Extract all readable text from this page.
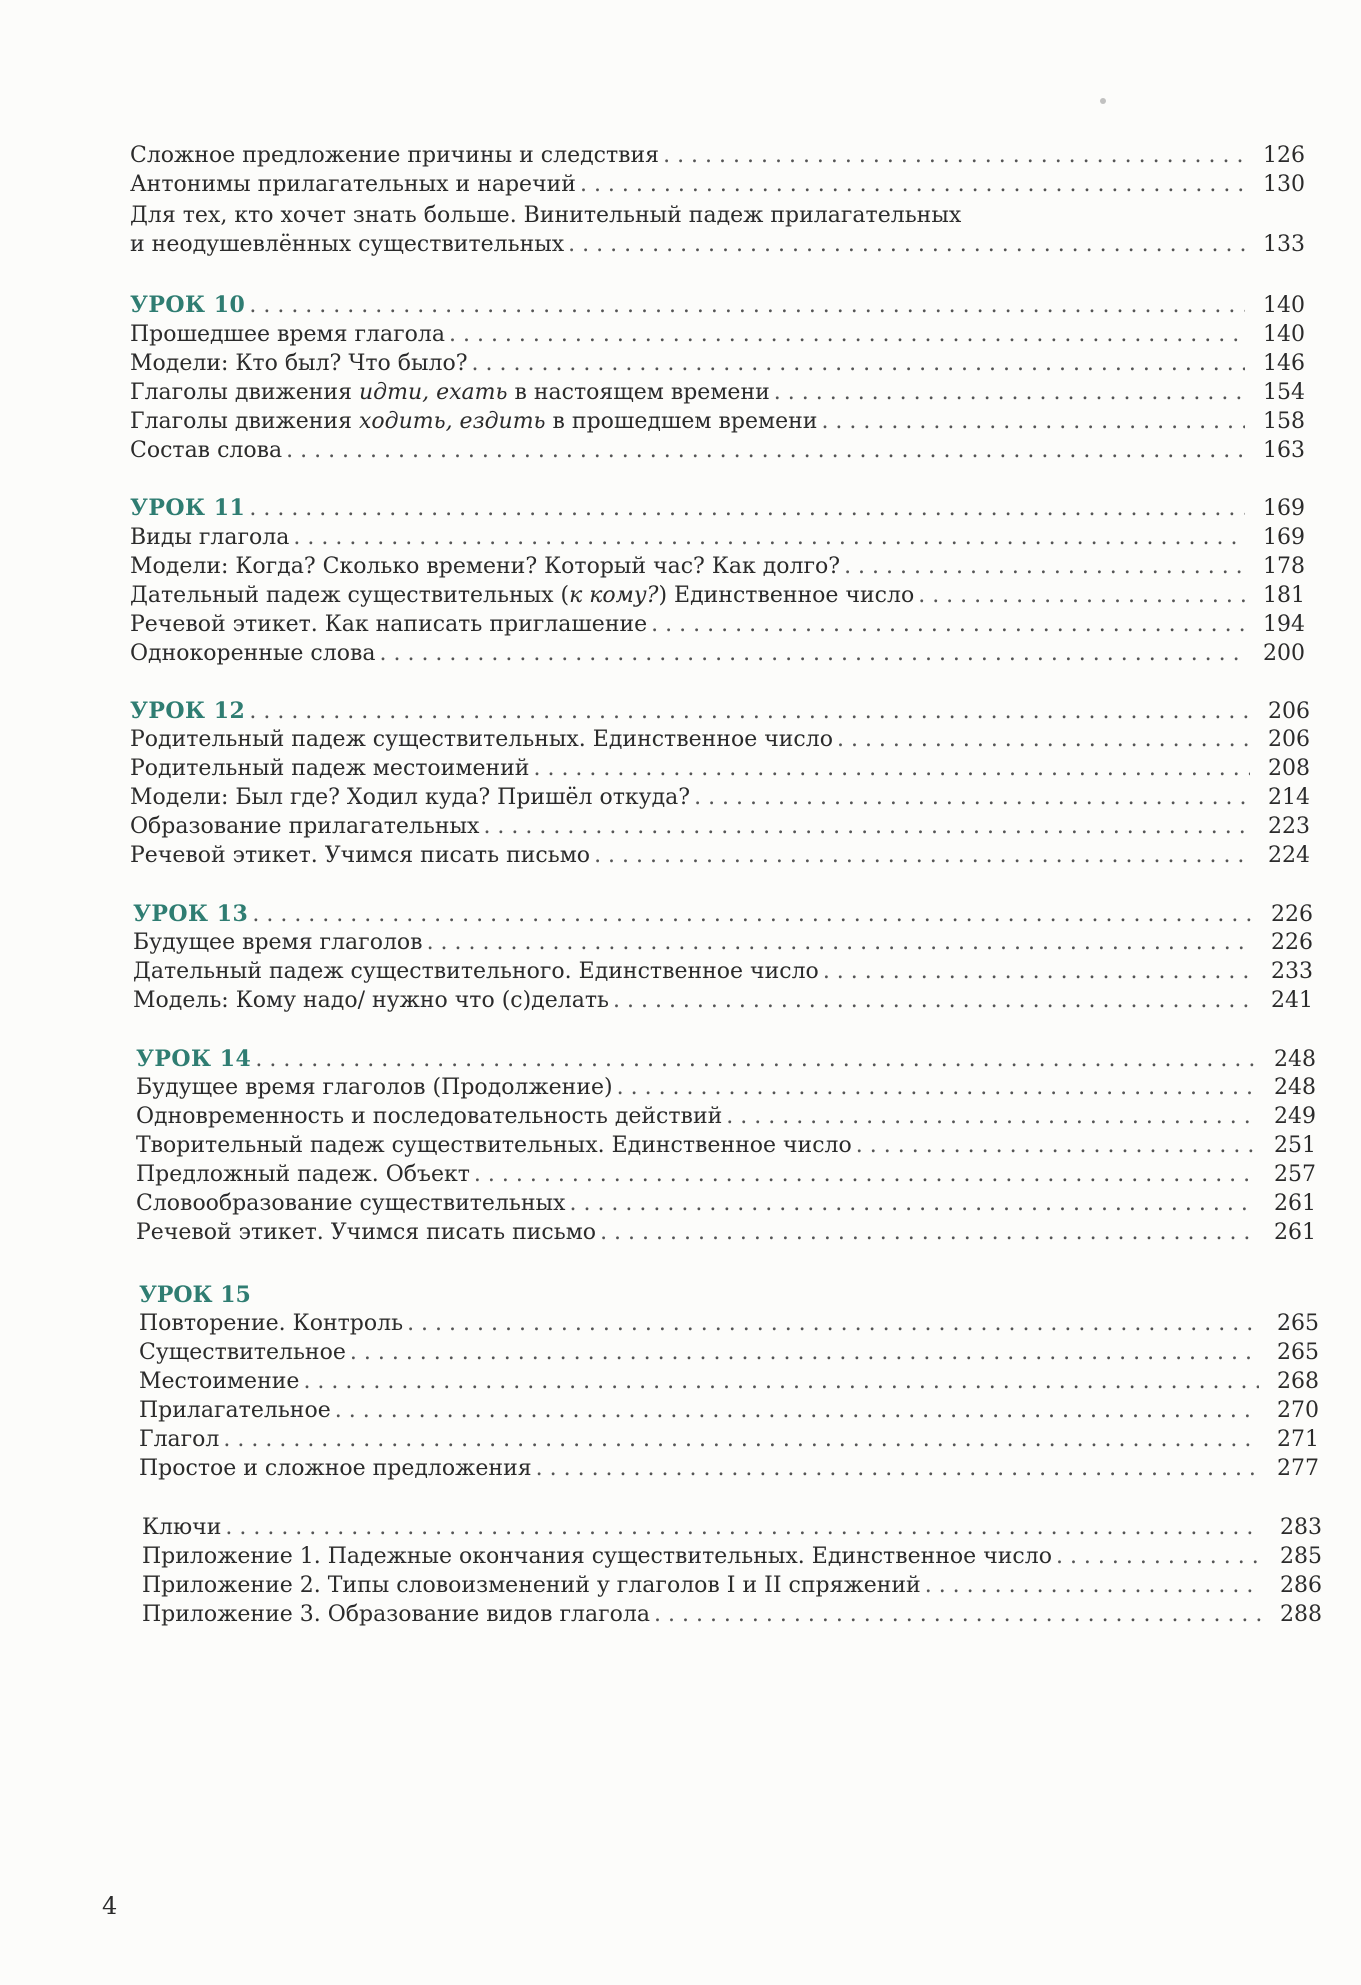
Сложное предложение причины и следствия . . .	126
Антонимы прилагательных и наречий . . .	130
Для тех, кто хочет знать больше. Винительный падеж прилагательных
и неодушевлённых существительных . . .	133
УРОК 10 . . .	140
Прошедшее время глагола . . .	140
Модели: Кто был? Что было? . . .	146
Глаголы движения идти, ехать в настоящем времени . . .	154
Глаголы движения ходить, ездить в прошедшем времени . . .	158
Состав слова . . .	163
УРОК 11 . . .	169
Виды глагола . . .	169
Модели: Когда? Сколько времени? Который час? Как долго? . . .	178
Дательный падеж существительных (к кому?) Единственное число . . .	181
Речевой этикет. Как написать приглашение . . .	194
Однокоренные слова . . .	200
УРОК 12 . . .	206
Родительный падеж существительных. Единственное число . . .	206
Родительный падеж местоимений . . .	208
Модели: Был где? Ходил куда? Пришёл откуда? . . .	214
Образование прилагательных . . .	223
Речевой этикет. Учимся писать письмо . . .	224
УРОК 13 . . .	226
Будущее время глаголов . . .	226
Дательный падеж существительного. Единственное число . . .	233
Модель: Кому надо/ нужно что (с)делать . . .	241
УРОК 14 . . .	248
Будущее время глаголов (Продолжение) . . .	248
Одновременность и последовательность действий . . .	249
Творительный падеж существительных. Единственное число . . .	251
Предложный падеж. Объект . . .	257
Словообразование существительных . . .	261
Речевой этикет. Учимся писать письмо . . .	261
УРОК 15
Повторение. Контроль . . .	265
Существительное . . .	265
Местоимение . . .	268
Прилагательное . . .	270
Глагол . . .	271
Простое и сложное предложения . . .	277
Ключи . . .	283
Приложение 1. Падежные окончания существительных. Единственное число . . .	285
Приложение 2. Типы словоизменений у глаголов I и II спряжений . . .	286
Приложение 3. Образование видов глагола . . .	288
4
